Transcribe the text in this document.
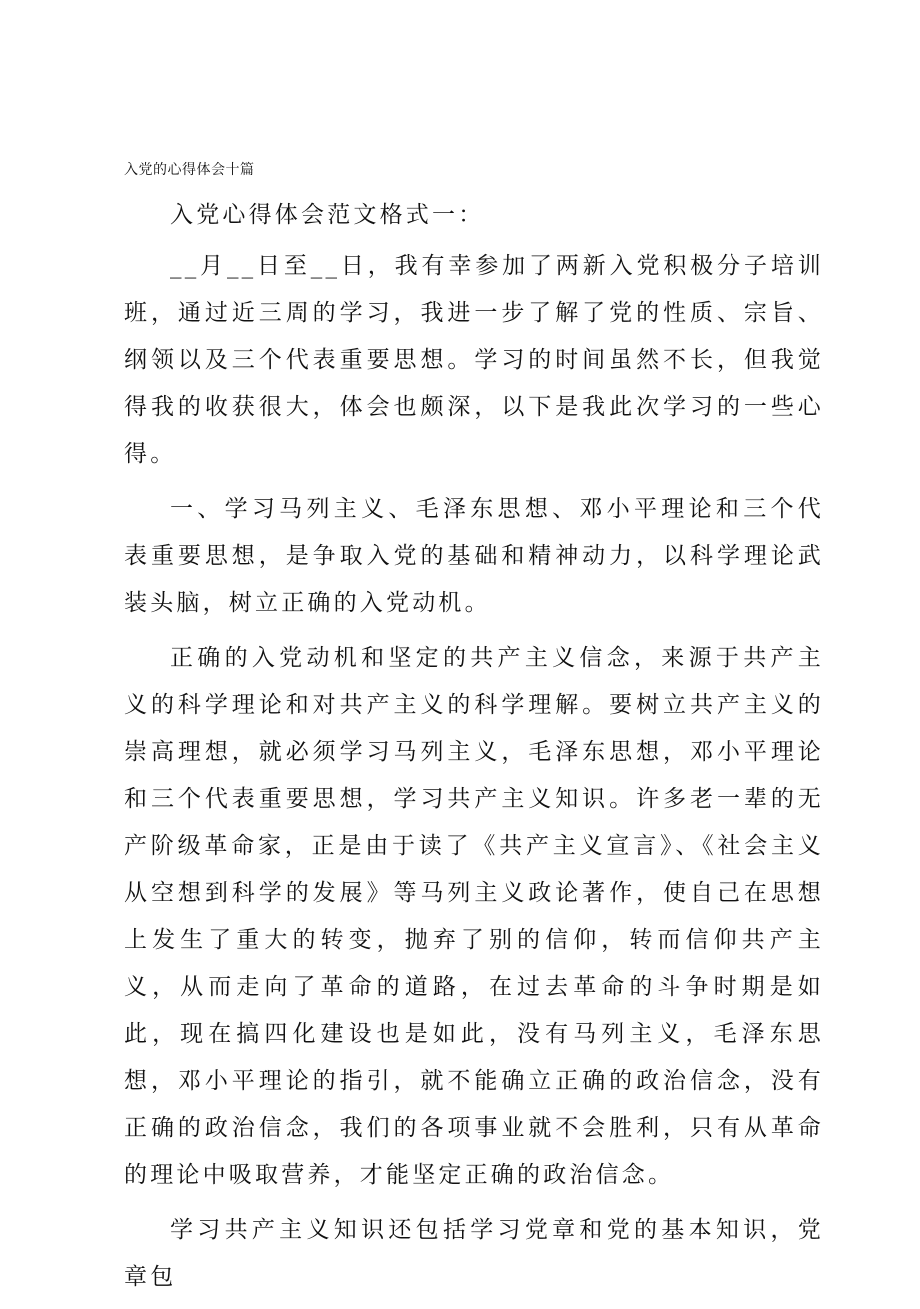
入党的心得体会十篇

入党心得体会范文格式一：

__月__日至__日，我有幸参加了两新入党积极分子培训班，通过近三周的学习，我进一步了解了党的性质、宗旨、纲领以及三个代表重要思想。学习的时间虽然不长，但我觉得我的收获很大，体会也颇深，以下是我此次学习的一些心得。

一、学习马列主义、毛泽东思想、邓小平理论和三个代表重要思想，是争取入党的基础和精神动力，以科学理论武装头脑，树立正确的入党动机。

正确的入党动机和坚定的共产主义信念，来源于共产主义的科学理论和对共产主义的科学理解。要树立共产主义的崇高理想，就必须学习马列主义，毛泽东思想，邓小平理论和三个代表重要思想，学习共产主义知识。许多老一辈的无产阶级革命家，正是由于读了《共产主义宣言》、《社会主义从空想到科学的发展》等马列主义政论著作，使自己在思想上发生了重大的转变，抛弃了别的信仰，转而信仰共产主义，从而走向了革命的道路，在过去革命的斗争时期是如此，现在搞四化建设也是如此，没有马列主义，毛泽东思想，邓小平理论的指引，就不能确立正确的政治信念，没有正确的政治信念，我们的各项事业就不会胜利，只有从革命的理论中吸取营养，才能坚定正确的政治信念。

学习共产主义知识还包括学习党章和党的基本知识，党章包
